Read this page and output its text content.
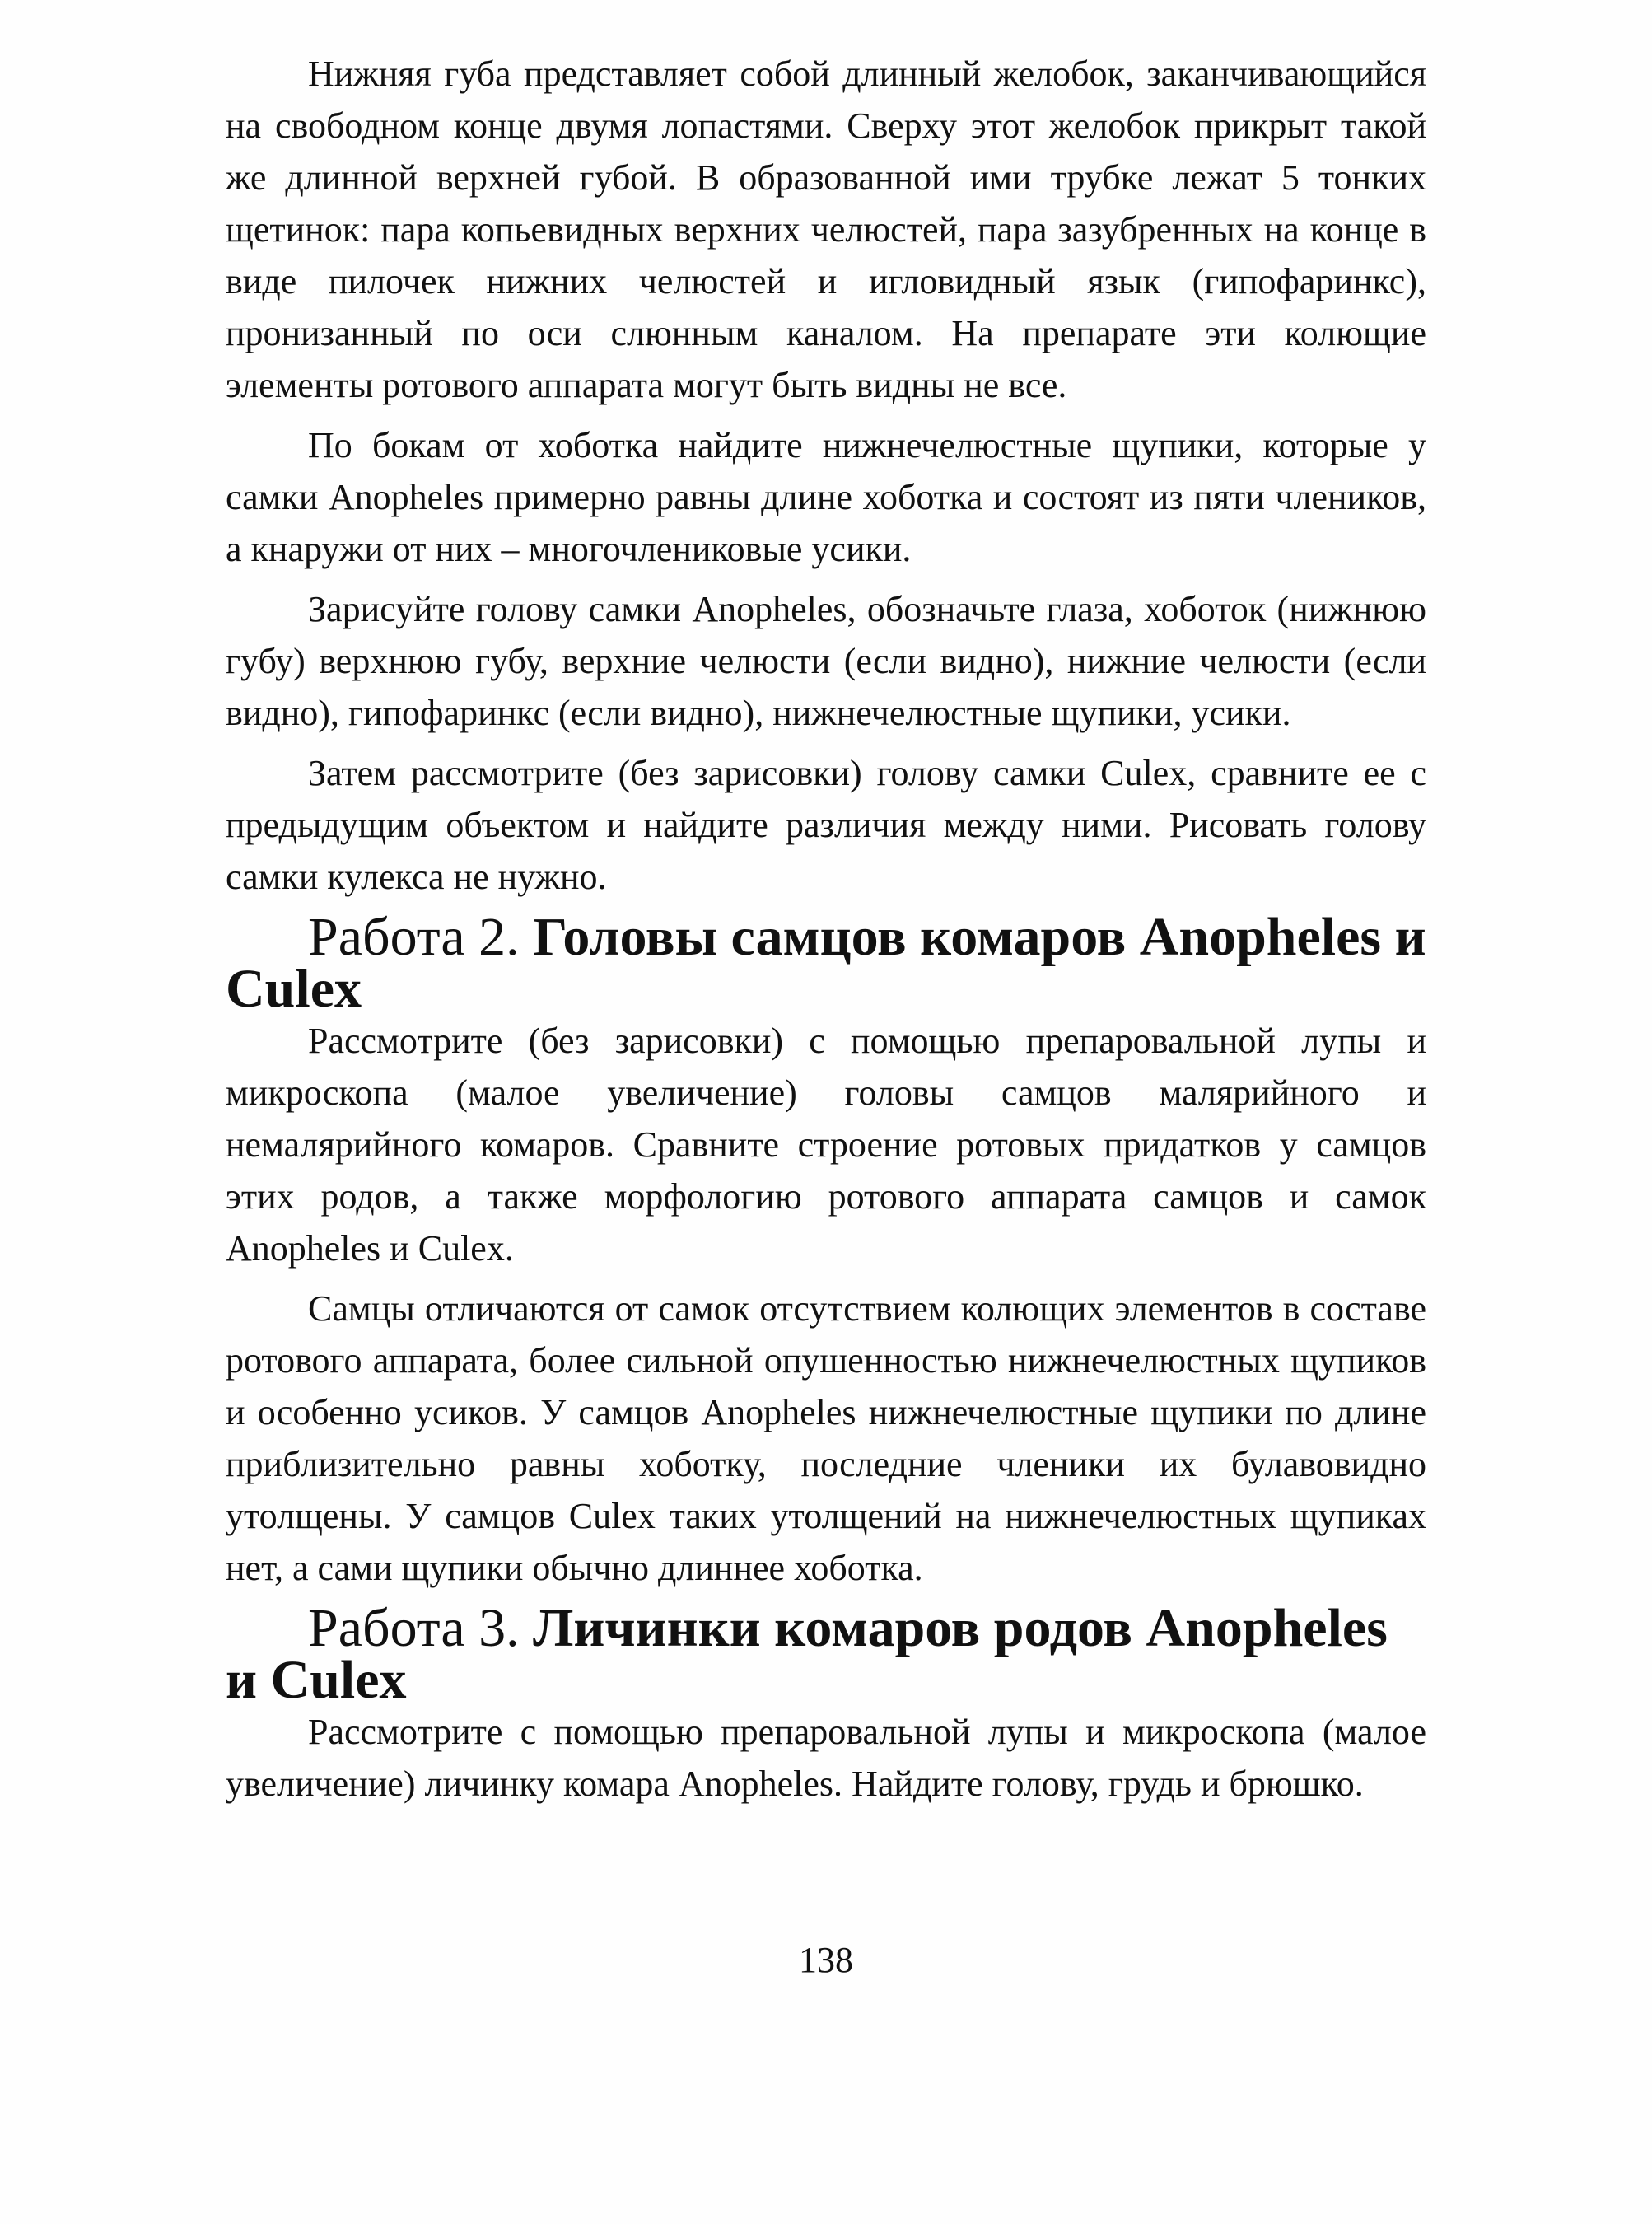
Нижняя губа представляет собой длинный желобок, заканчивающийся на свободном конце двумя лопастями. Сверху этот желобок прикрыт такой же длинной верхней губой. В образованной ими трубке лежат 5 тонких щетинок: пара копьевидных верхних челюстей, пара зазубренных на конце в виде пилочек нижних челюстей и игловидный язык (гипофаринкс), пронизанный по оси слюнным каналом. На препарате эти колющие элементы ротового аппарата могут быть видны не все.

По бокам от хоботка найдите нижнечелюстные щупики, которые у самки Anopheles примерно равны длине хоботка и состоят из пяти члеников, а кнаружи от них – многочлениковые усики.

Зарисуйте голову самки Anopheles, обозначьте глаза, хоботок (нижнюю губу) верхнюю губу, верхние челюсти (если видно), нижние челюсти (если видно), гипофаринкс (если видно), нижнечелюстные щупики, усики.

Затем рассмотрите (без зарисовки) голову самки Culex, сравните ее с предыдущим объектом и найдите различия между ними. Рисовать голову самки кулекса не нужно.

Работа 2. Головы самцов комаров Anopheles и Culex

Рассмотрите (без зарисовки) с помощью препаровальной лупы и микроскопа (малое увеличение) головы самцов малярийного и немалярийного комаров. Сравните строение ротовых придатков у самцов этих родов, а также морфологию ротового аппарата самцов и самок Anopheles и Culex.

Самцы отличаются от самок отсутствием колющих элементов в составе ротового аппарата, более сильной опушенностью нижнечелюстных щупиков и особенно усиков. У самцов Anopheles нижнечелюстные щупики по длине приблизительно равны хоботку, последние членики их булавовидно утолщены. У самцов Culex таких утолщений на нижнечелюстных щупиках нет, а сами щупики обычно длиннее хоботка.

Работа 3. Личинки комаров родов Anopheles и Culex

Рассмотрите с помощью препаровальной лупы и микроскопа (малое увеличение) личинку комара Anopheles. Найдите голову, грудь и брюшко.

138
